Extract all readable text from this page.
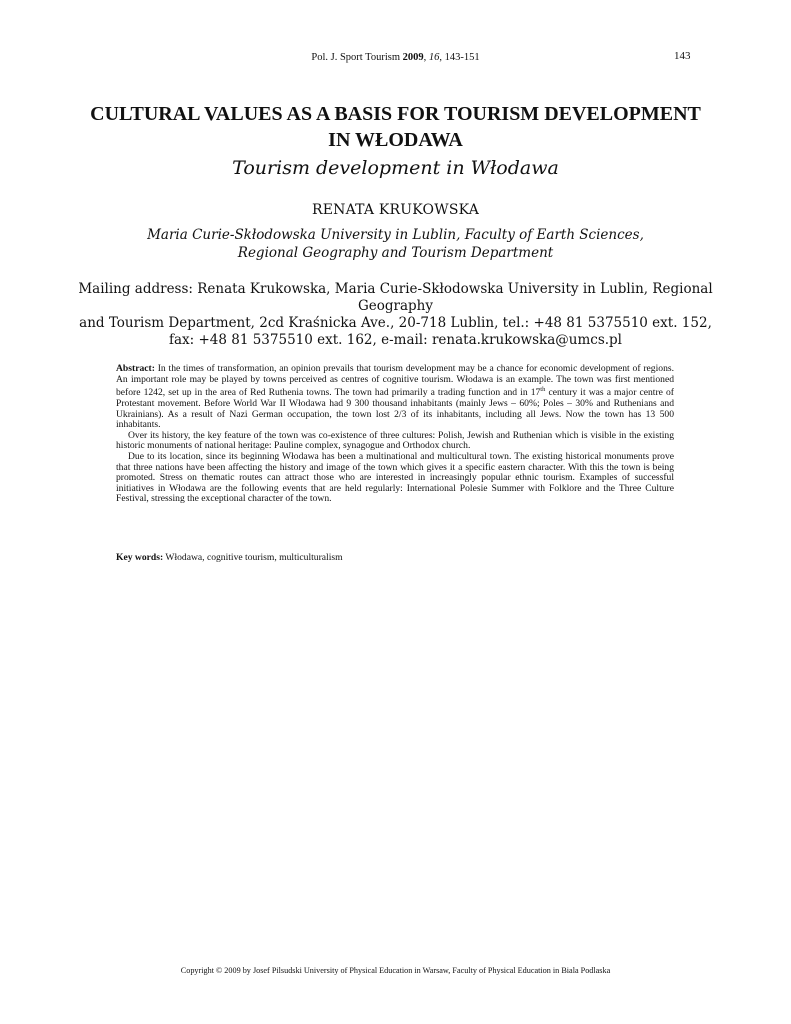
Pol. J. Sport Tourism 2009, 16, 143-151	143
CULTURAL VALUES AS A BASIS FOR TOURISM DEVELOPMENT
IN WŁODAWA
Tourism development in Włodawa
RENATA KRUKOWSKA
Maria Curie-Skłodowska University in Lublin, Faculty of Earth Sciences,
Regional Geography and Tourism Department
Mailing address: Renata Krukowska, Maria Curie-Skłodowska University in Lublin, Regional Geography
and Tourism Department, 2cd Kraśnicka Ave., 20-718 Lublin, tel.: +48 81 5375510 ext. 152,
fax: +48 81 5375510 ext. 162, e-mail: renata.krukowska@umcs.pl

Abstract: In the times of transformation, an opinion prevails that tourism development may be a chance for economic development of regions. An important role may be played by towns perceived as centres of cognitive tourism. Włodawa is an example. The town was first mentioned before 1242, set up in the area of Red Ruthenia towns. The town had primarily a trading function and in 17th century it was a major centre of Protestant movement. Before World War II Włodawa had 9 300 thousand inhabitants (mainly Jews – 60%; Poles – 30% and Ruthenians and Ukrainians). As a result of Nazi German occupation, the town lost 2/3 of its inhabitants, including all Jews. Now the town has 13 500 inhabitants.

Over its history, the key feature of the town was co-existence of three cultures: Polish, Jewish and Ruthenian which is visible in the existing historic monuments of national heritage: Pauline complex, synagogue and Orthodox church.

Due to its location, since its beginning Włodawa has been a multinational and multicultural town. The existing historical monuments prove that three nations have been affecting the history and image of the town which gives it a specific eastern character. With this the town is being promoted. Stress on thematic routes can attract those who are interested in increasingly popular ethnic tourism. Examples of successful initiatives in Włodawa are the following events that are held regularly: International Polesie Summer with Folklore and the Three Culture Festival, stressing the exceptional character of the town.

Key words: Włodawa, cognitive tourism, multiculturalism
Copyright © 2009 by Josef Pilsudski University of Physical Education in Warsaw, Faculty of Physical Education in Biala Podlaska
